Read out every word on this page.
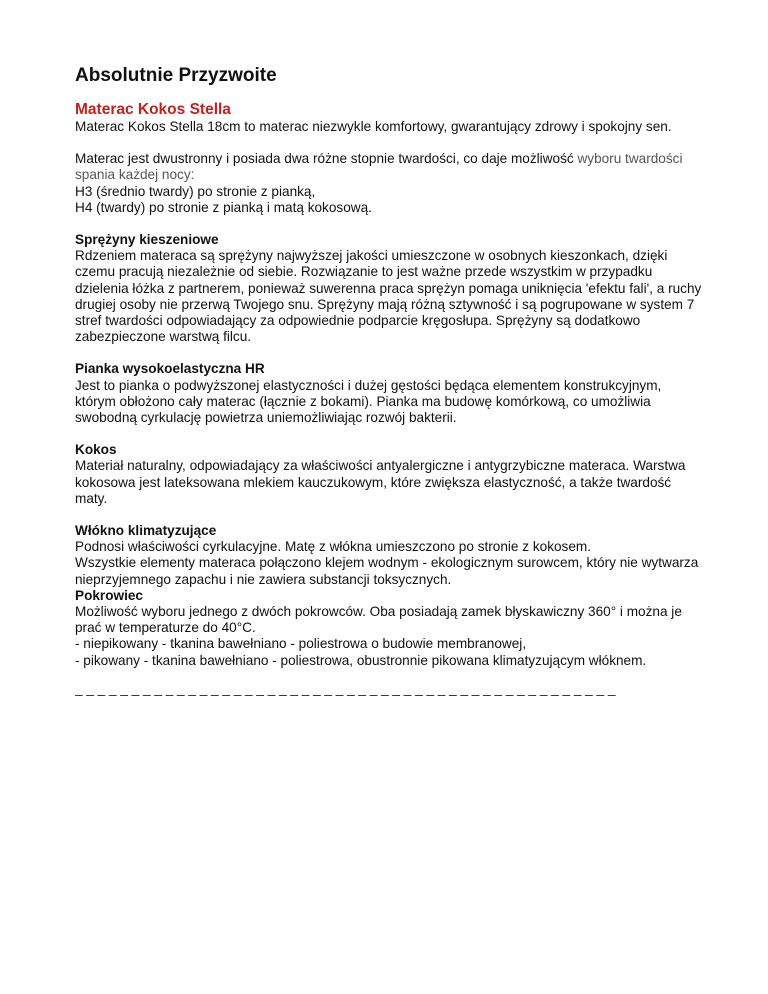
Absolutnie Przyzwoite
Materac Kokos Stella

Materac Kokos Stella 18cm to materac niezwykle komfortowy, gwarantujący zdrowy i spokojny sen.

Materac jest dwustronny i posiada dwa różne stopnie twardości, co daje możliwość wyboru twardości spania każdej nocy:

H3 (średnio twardy) po stronie z pianką,

H4 (twardy) po stronie z pianką i matą kokosową.

Sprężyny kieszeniowe

Rdzeniem materaca są sprężyny najwyższej jakości umieszczone w osobnych kieszonkach, dzięki czemu pracują niezależnie od siebie. Rozwiązanie to jest ważne przede wszystkim w przypadku dzielenia łóżka z partnerem, ponieważ suwerenna praca sprężyn pomaga uniknięcia 'efektu fali', a ruchy drugiej osoby nie przerwą Twojego snu. Sprężyny mają różną sztywność i są pogrupowane w system 7 stref twardości odpowiadający za odpowiednie podparcie kręgosłupa. Sprężyny są dodatkowo zabezpieczone warstwą filcu.

Pianka wysokoelastyczna HR

Jest to pianka o podwyższonej elastyczności i dużej gęstości będąca elementem konstrukcyjnym, którym obłożono cały materac (łącznie z bokami). Pianka ma budowę komórkową, co umożliwia swobodną cyrkulację powietrza uniemożliwiając rozwój bakterii.

Kokos

Materiał naturalny, odpowiadający za właściwości antyalergiczne i antygrzybiczne materaca. Warstwa kokosowa jest lateksowana mlekiem kauczukowym, które zwiększa elastyczność, a także twardość maty.

Włókno klimatyzujące

Podnosi właściwości cyrkulacyjne. Matę z włókna umieszczono po stronie z kokosem.

Wszystkie elementy materaca połączono klejem wodnym - ekologicznym surowcem, który nie wytwarza nieprzyjemnego zapachu i nie zawiera substancji toksycznych.

Pokrowiec

Możliwość wyboru jednego z dwóch pokrowców. Oba posiadają zamek błyskawiczny 360° i można je prać w temperaturze do 40°C.

- niepikowany - tkanina bawełniano - poliestrowa o budowie membranowej,

- pikowany - tkanina bawełniano - poliestrowa, obustronnie pikowana klimatyzującym włóknem.

_ _ _ _ _ _ _ _ _ _ _ _ _ _ _ _ _ _ _ _ _ _ _ _ _ _ _ _ _ _ _ _ _ _ _ _ _ _ _ _ _ _ _ _ _ _ _ _
